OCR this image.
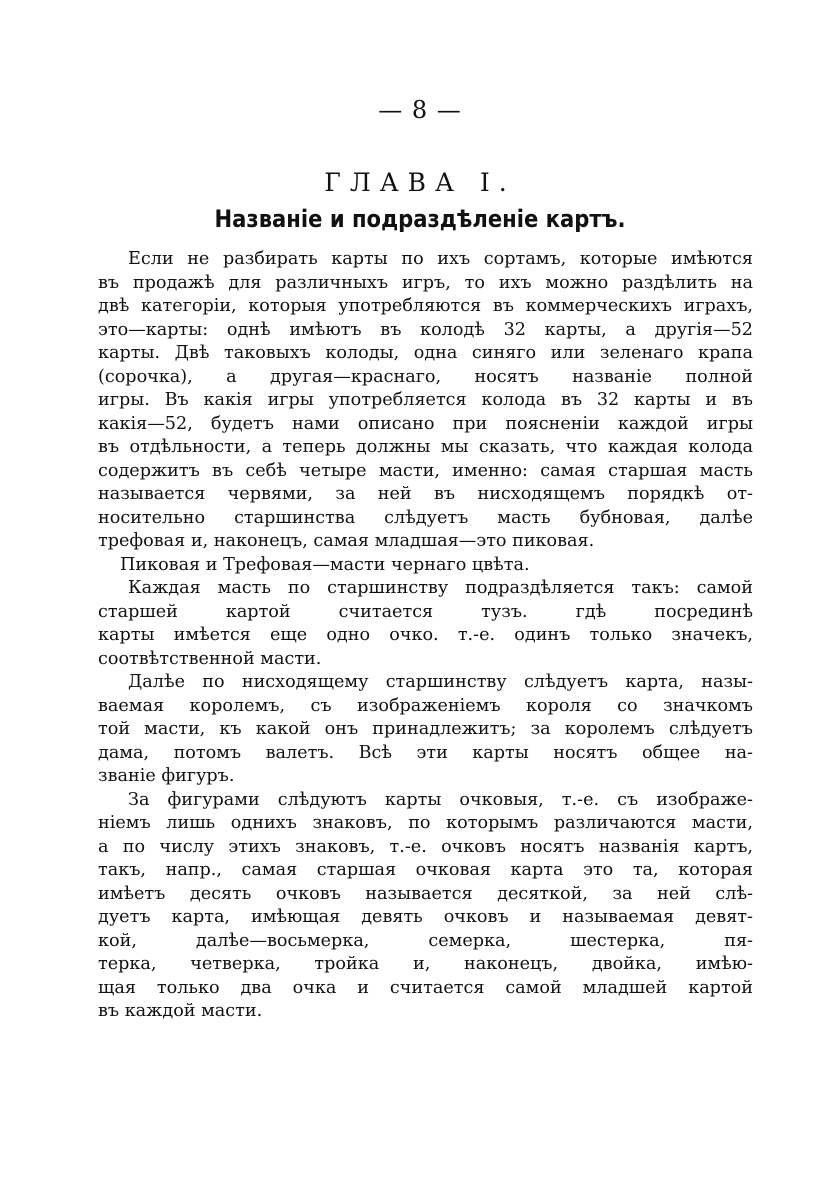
— 8 —
ГЛАВА I.
Названіе и подраздѣленіе картъ.
Если не разбирать карты по ихъ сортамъ, которые имѣются
въ продажѣ для различныхъ игръ, то ихъ можно раздѣлить на
двѣ категоріи, которыя употребляются въ коммерческихъ играхъ,
это—карты: однѣ имѣютъ въ колодѣ 32 карты, а другія—52
карты. Двѣ таковыхъ колоды, одна синяго или зеленаго крапа
(сорочка), а другая—краснаго, носятъ названіе полной
игры. Въ какія игры употребляется колода въ 32 карты и въ
какія—52, будетъ нами описано при поясненіи каждой игры
въ отдѣльности, а теперь должны мы сказать, что каждая колода
содержитъ въ себѣ четыре масти, именно: самая старшая масть
называется червями, за ней въ нисходящемъ порядкѣ от-
носительно старшинства слѣдуетъ масть бубновая, далѣе
трефовая и, наконецъ, самая младшая—это пиковая.
Пиковая и Трефовая—масти чернаго цвѣта.
Каждая масть по старшинству подраздѣляется такъ: самой
старшей картой считается тузъ. гдѣ посрединѣ
карты имѣется еще одно очко. т.-е. одинъ только значекъ,
соотвѣтственной масти.
Далѣе по нисходящему старшинству слѣдуетъ карта, назы-
ваемая королемъ, съ изображеніемъ короля со значкомъ
той масти, къ какой онъ принадлежитъ; за королемъ слѣдуетъ
дама, потомъ валетъ. Всѣ эти карты носятъ общее на-
званіе фигуръ.
За фигурами слѣдуютъ карты очковыя, т.-е. съ изображе-
ніемъ лишь однихъ знаковъ, по которымъ различаются масти,
а по числу этихъ знаковъ, т.-е. очковъ носятъ названія картъ,
такъ, напр., самая старшая очковая карта это та, которая
имѣетъ десять очковъ называется десяткой, за ней слѣ-
дуетъ карта, имѣющая девять очковъ и называемая девят-
кой, далѣе—восьмерка, семерка, шестерка, пя-
терка, четверка, тройка и, наконецъ, двойка, имѣю-
щая только два очка и считается самой младшей картой
въ каждой масти.
